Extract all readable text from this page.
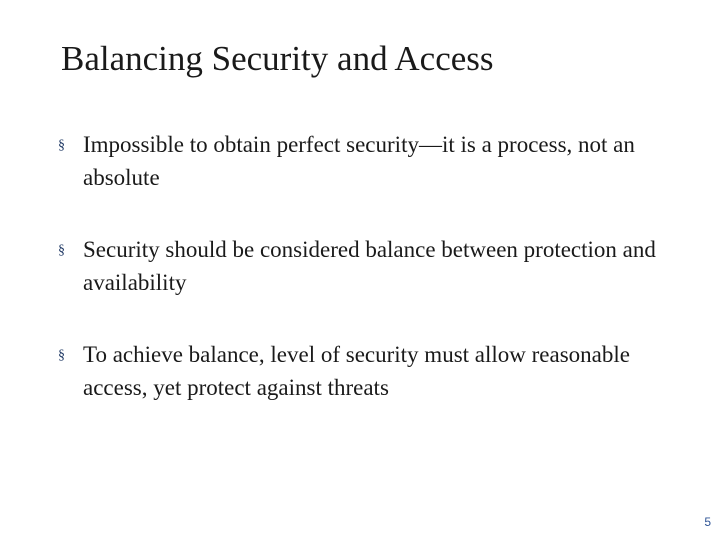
Balancing Security and Access
§ Impossible to obtain perfect security—it is a process, not an absolute
§ Security should be considered balance between protection and availability
§ To achieve balance, level of security must allow reasonable access, yet protect against threats
5
